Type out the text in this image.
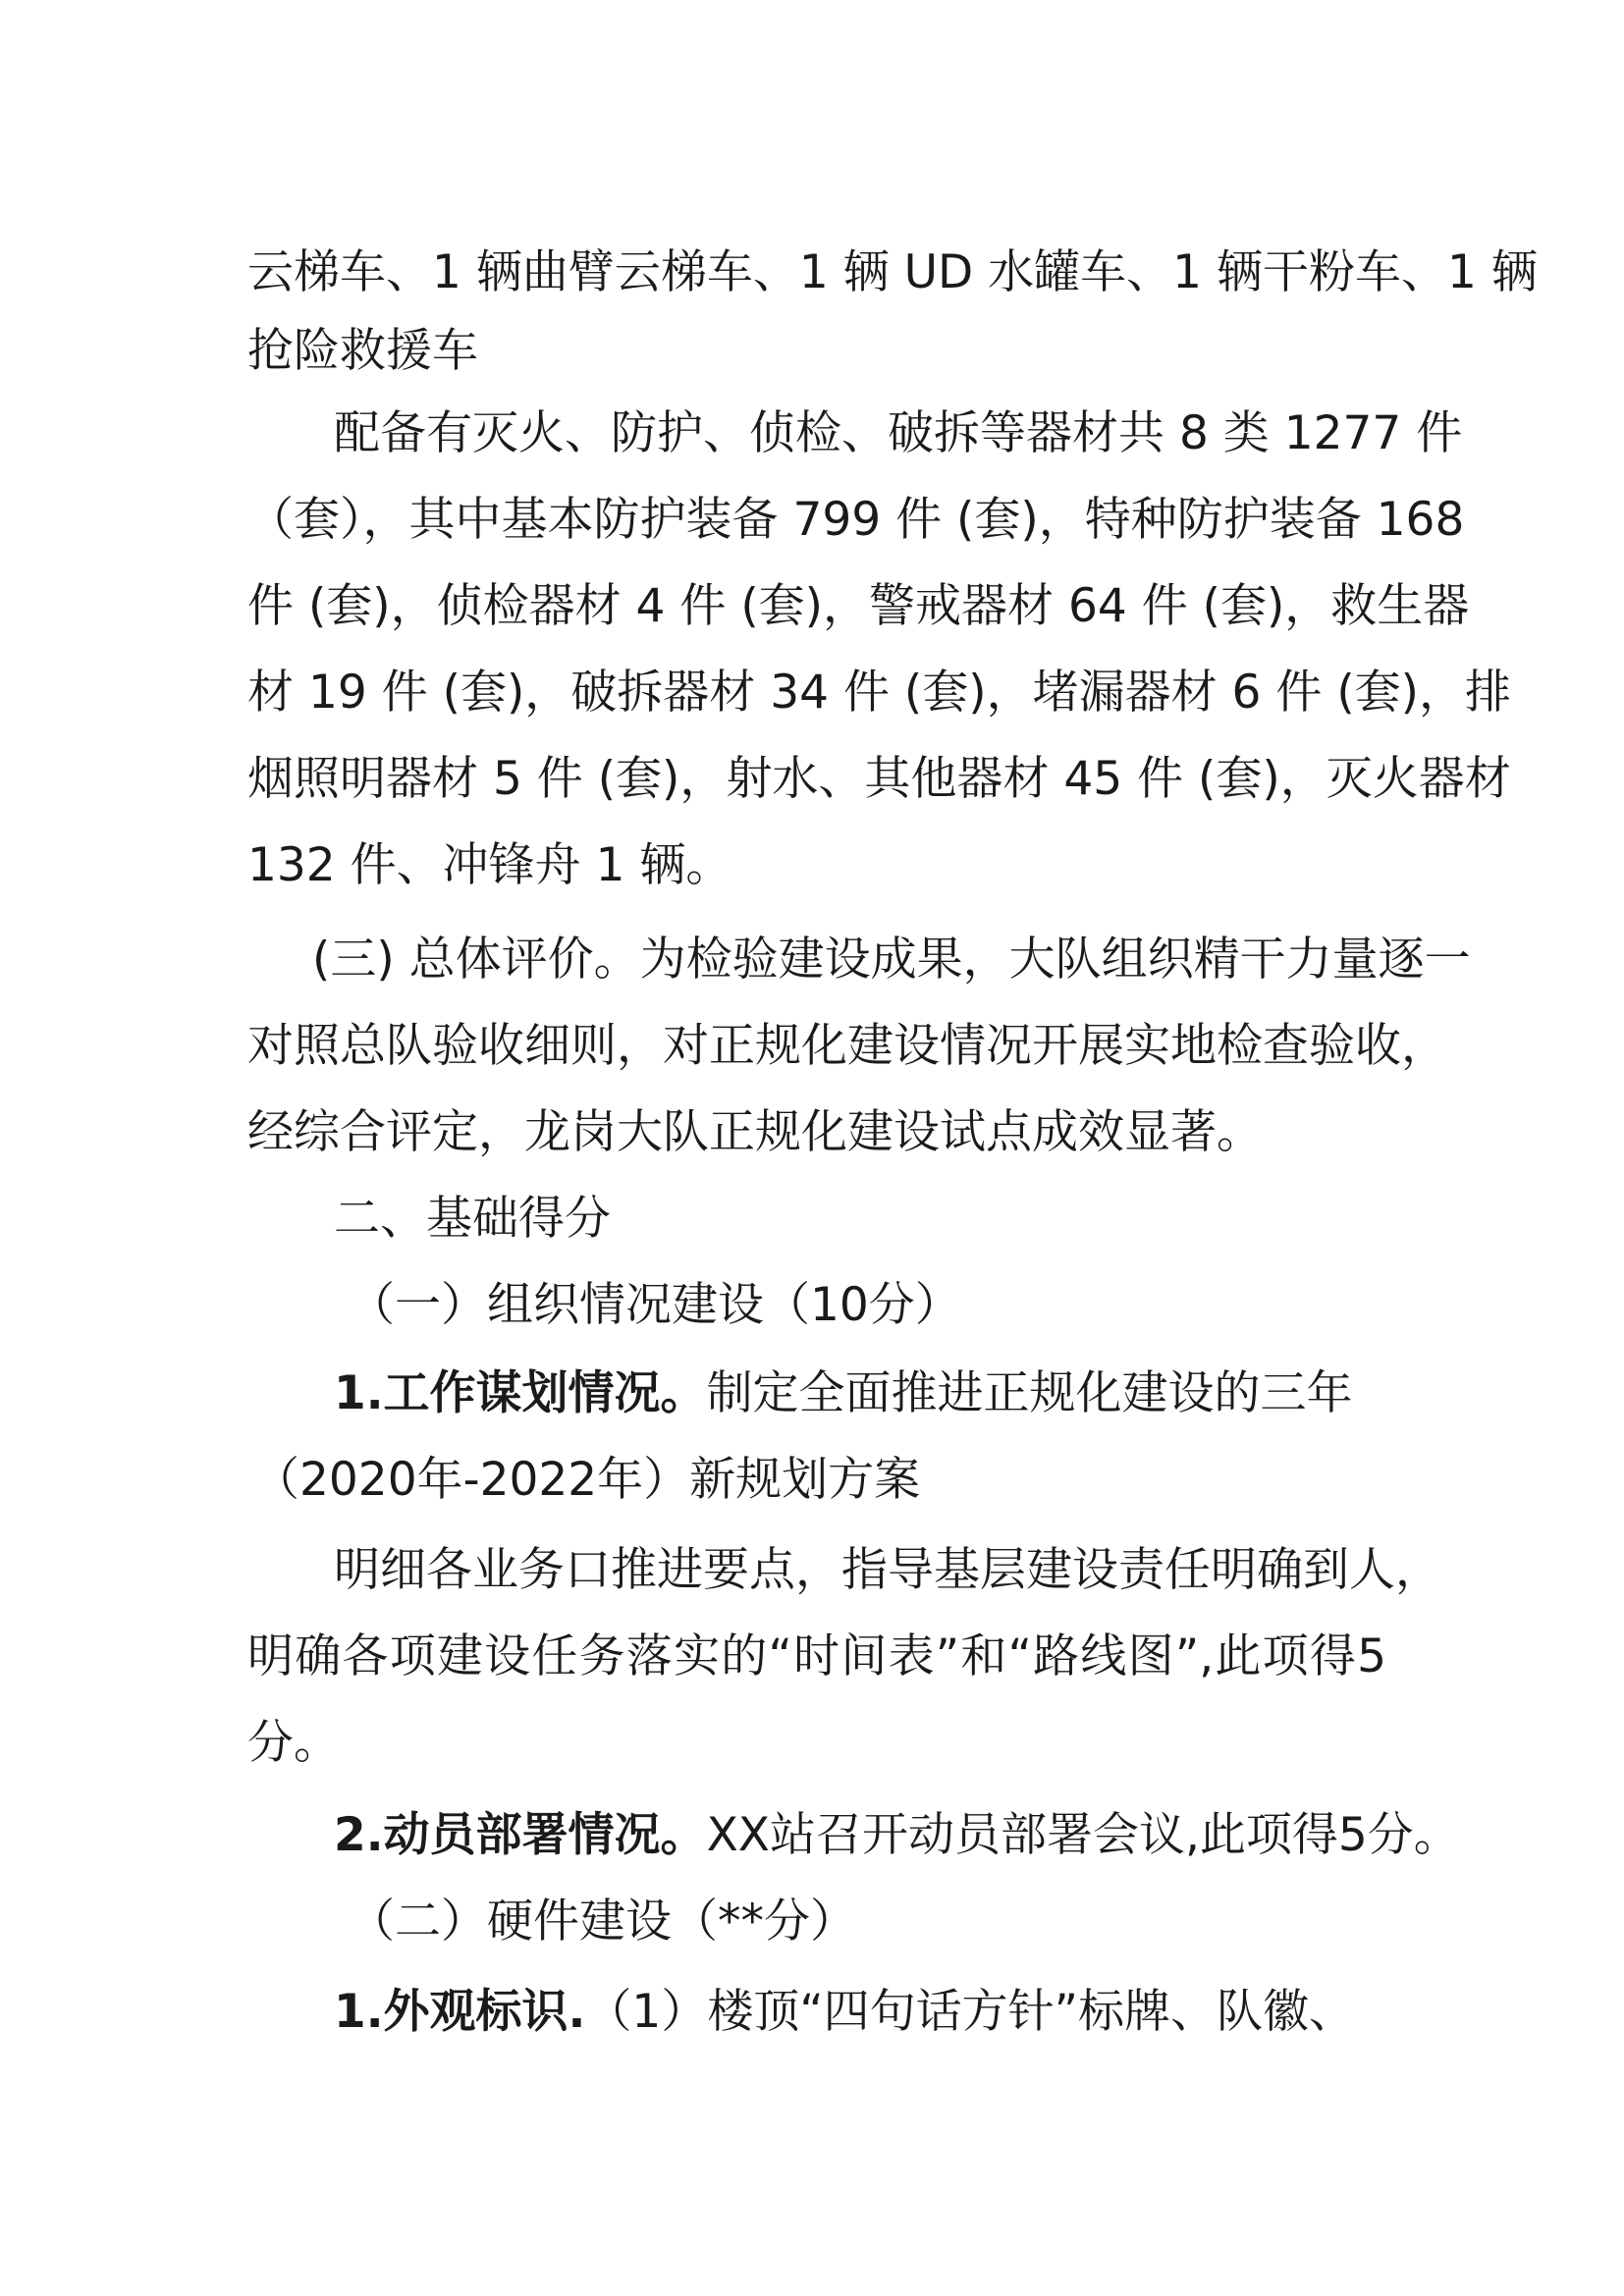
云梯车、1 辆曲臂云梯车、1 辆 UD 水罐车、1 辆干粉车、1 辆
抢险救援车
配备有灭火、防护、侦检、破拆等器材共 8 类 1277 件
（套），其中基本防护装备 799 件 (套)，特种防护装备 168
件 (套)，侦检器材 4 件 (套)，警戒器材 64 件 (套)，救生器
材 19 件 (套)，破拆器材 34 件 (套)，堵漏器材 6 件 (套)，排
烟照明器材 5 件 (套)，射水、其他器材 45 件 (套)，灭火器材
132 件、冲锋舟 1 辆。
(三) 总体评价。为检验建设成果，大队组织精干力量逐一
对照总队验收细则，对正规化建设情况开展实地检查验收，
经综合评定，龙岗大队正规化建设试点成效显著。
二、基础得分
（一）组织情况建设（10分）
1.工作谋划情况。制定全面推进正规化建设的三年
（2020年-2022年）新规划方案
明细各业务口推进要点，指导基层建设责任明确到人，
明确各项建设任务落实的“时间表”和“路线图”,此项得5
分。
2.动员部署情况。XX站召开动员部署会议,此项得5分。
（二）硬件建设（**分）
1.外观标识.（1）楼顶“四句话方针”标牌、队徽、
